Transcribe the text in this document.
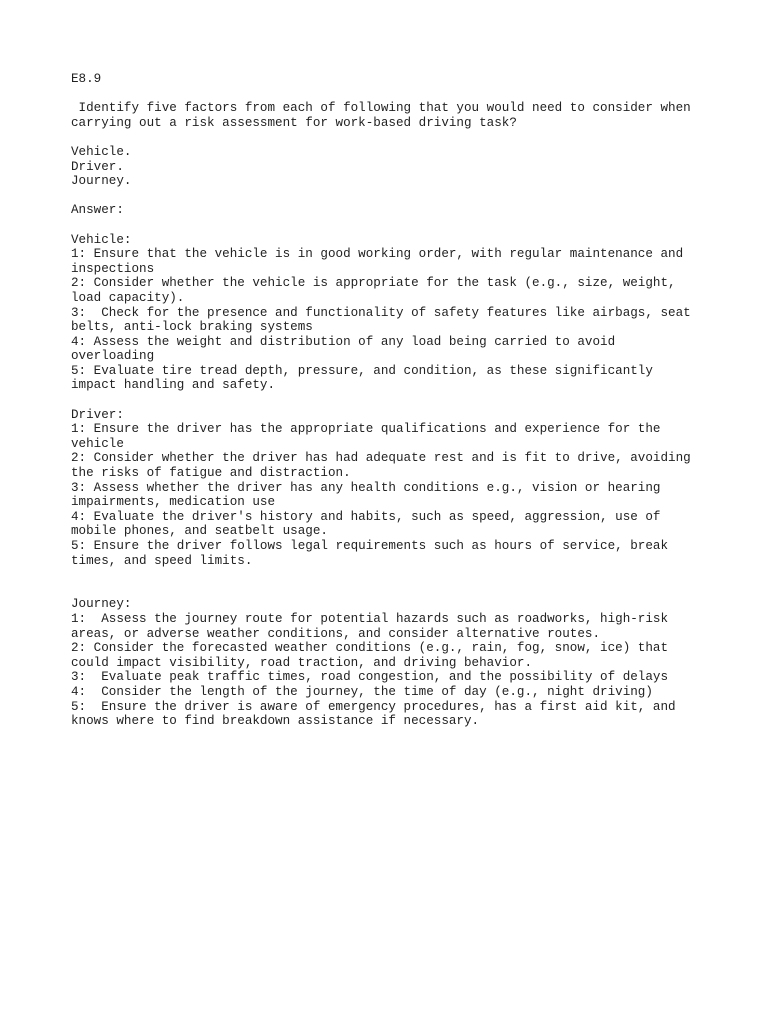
E8.9
Identify five factors from each of following that you would need to consider when
carrying out a risk assessment for work-based driving task?
Vehicle.
Driver.
Journey.
Answer:
Vehicle:
1: Ensure that the vehicle is in good working order, with regular maintenance and
inspections
2: Consider whether the vehicle is appropriate for the task (e.g., size, weight,
load capacity).
3:  Check for the presence and functionality of safety features like airbags, seat
belts, anti-lock braking systems
4: Assess the weight and distribution of any load being carried to avoid
overloading
5: Evaluate tire tread depth, pressure, and condition, as these significantly
impact handling and safety.
Driver:
1: Ensure the driver has the appropriate qualifications and experience for the
vehicle
2: Consider whether the driver has had adequate rest and is fit to drive, avoiding
the risks of fatigue and distraction.
3: Assess whether the driver has any health conditions e.g., vision or hearing
impairments, medication use
4: Evaluate the driver's history and habits, such as speed, aggression, use of
mobile phones, and seatbelt usage.
5: Ensure the driver follows legal requirements such as hours of service, break
times, and speed limits.
Journey:
1:  Assess the journey route for potential hazards such as roadworks, high-risk
areas, or adverse weather conditions, and consider alternative routes.
2: Consider the forecasted weather conditions (e.g., rain, fog, snow, ice) that
could impact visibility, road traction, and driving behavior.
3:  Evaluate peak traffic times, road congestion, and the possibility of delays
4:  Consider the length of the journey, the time of day (e.g., night driving)
5:  Ensure the driver is aware of emergency procedures, has a first aid kit, and
knows where to find breakdown assistance if necessary.
